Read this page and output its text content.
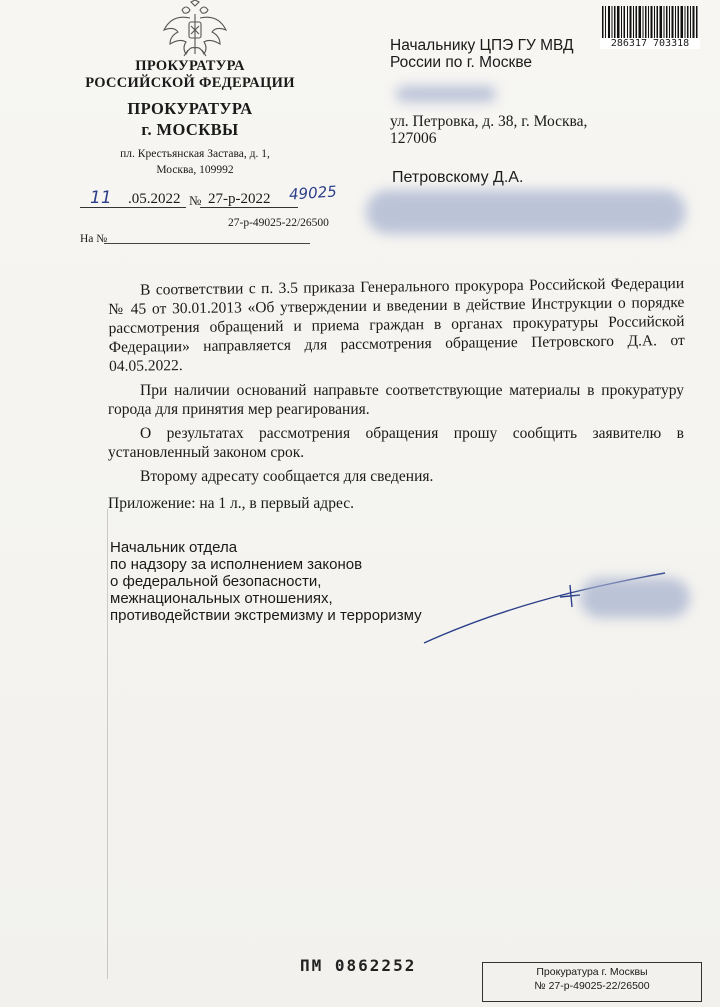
ПРОКУРАТУРА
РОССИЙСКОЙ ФЕДЕРАЦИИ
ПРОКУРАТУРА
г. МОСКВЫ
пл. Крестьянская Застава, д. 1,
Москва, 109992
11 .05.2022 № 27-р-2022 49025
27-р-49025-22/26500
На №
286317 703318
Начальнику ЦПЭ ГУ МВД
России по г. Москве
ул. Петровка, д. 38, г. Москва,
127006
Петровскому Д.А.

В соответствии с п. 3.5 приказа Генерального прокурора Российской Федерации № 45 от 30.01.2013 «Об утверждении и введении в действие Инструкции о порядке рассмотрения обращений и приема граждан в органах прокуратуры Российской Федерации» направляется для рассмотрения обращение Петровского Д.А. от 04.05.2022.

При наличии оснований направьте соответствующие материалы в прокуратуру города для принятия мер реагирования.

О результатах рассмотрения обращения прошу сообщить заявителю в установленный законом срок.

Второму адресату сообщается для сведения.

Приложение: на 1 л., в первый адрес.
Начальник отдела
по надзору за исполнением законов
о федеральной безопасности,
межнациональных отношениях,
противодействии экстремизму и терроризму
ПМ 0862252	Прокуратура г. Москвы
№ 27-р-49025-22/26500
